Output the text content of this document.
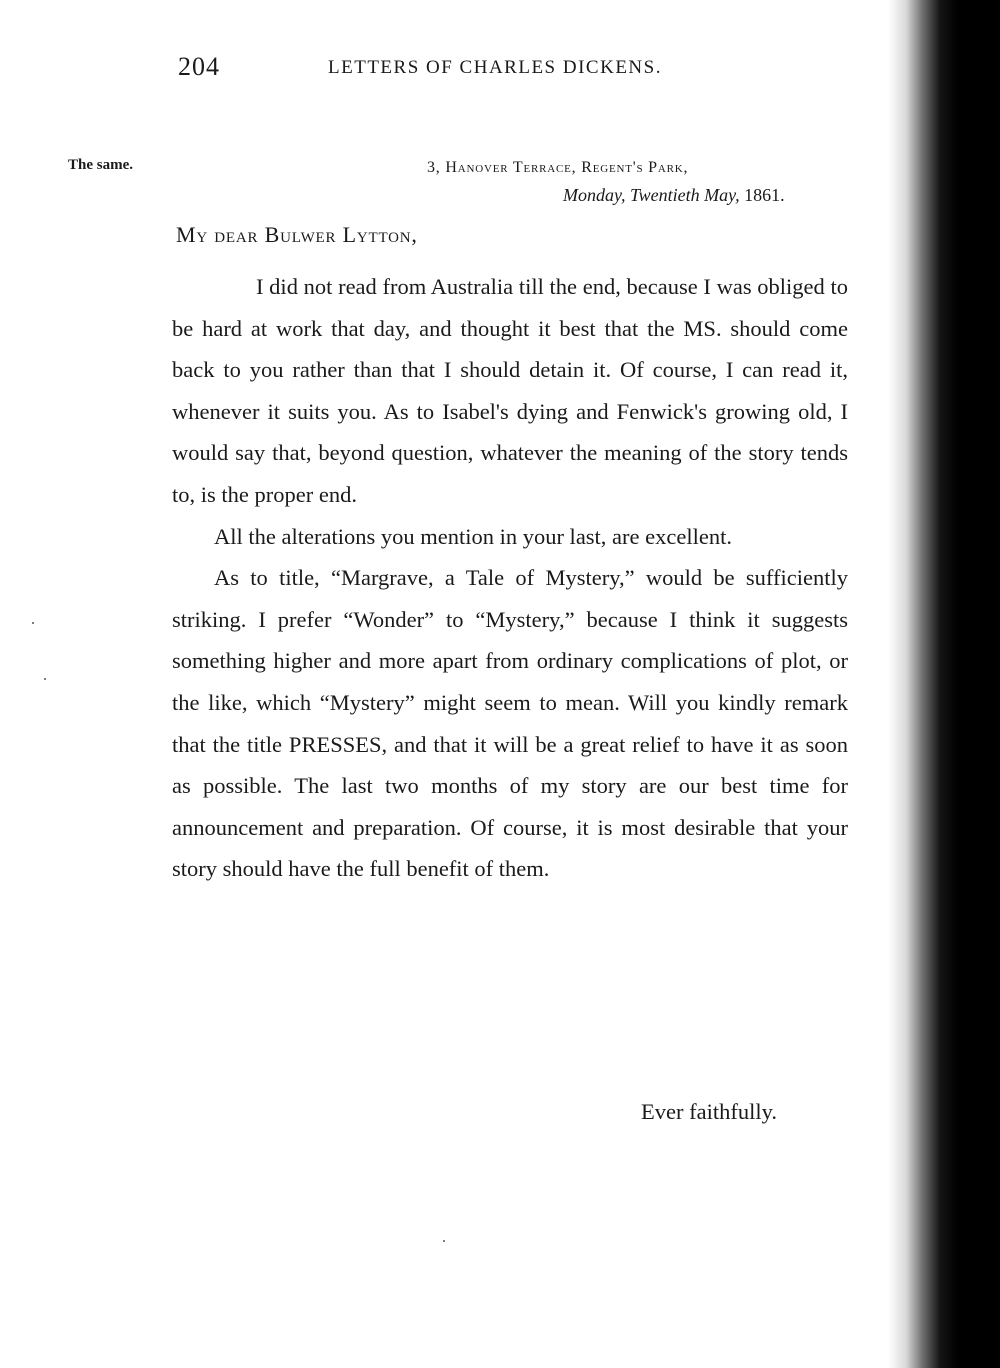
204	LETTERS OF CHARLES DICKENS.
The same.	3, Hanover Terrace, Regent's Park,
Monday, Twentieth May, 1861.
My dear Bulwer Lytton,

I did not read from Australia till the end, because I was obliged to be hard at work that day, and thought it best that the MS. should come back to you rather than that I should detain it. Of course, I can read it, whenever it suits you. As to Isabel's dying and Fenwick's growing old, I would say that, beyond question, whatever the meaning of the story tends to, is the proper end.

All the alterations you mention in your last, are excellent.

As to title, “Margrave, a Tale of Mystery,” would be sufficiently striking. I prefer “Wonder” to “Mystery,” because I think it suggests something higher and more apart from ordinary complications of plot, or the like, which “Mystery” might seem to mean. Will you kindly remark that the title PRESSES, and that it will be a great relief to have it as soon as possible. The last two months of my story are our best time for announcement and preparation. Of course, it is most desirable that your story should have the full benefit of them.

Ever faithfully.
